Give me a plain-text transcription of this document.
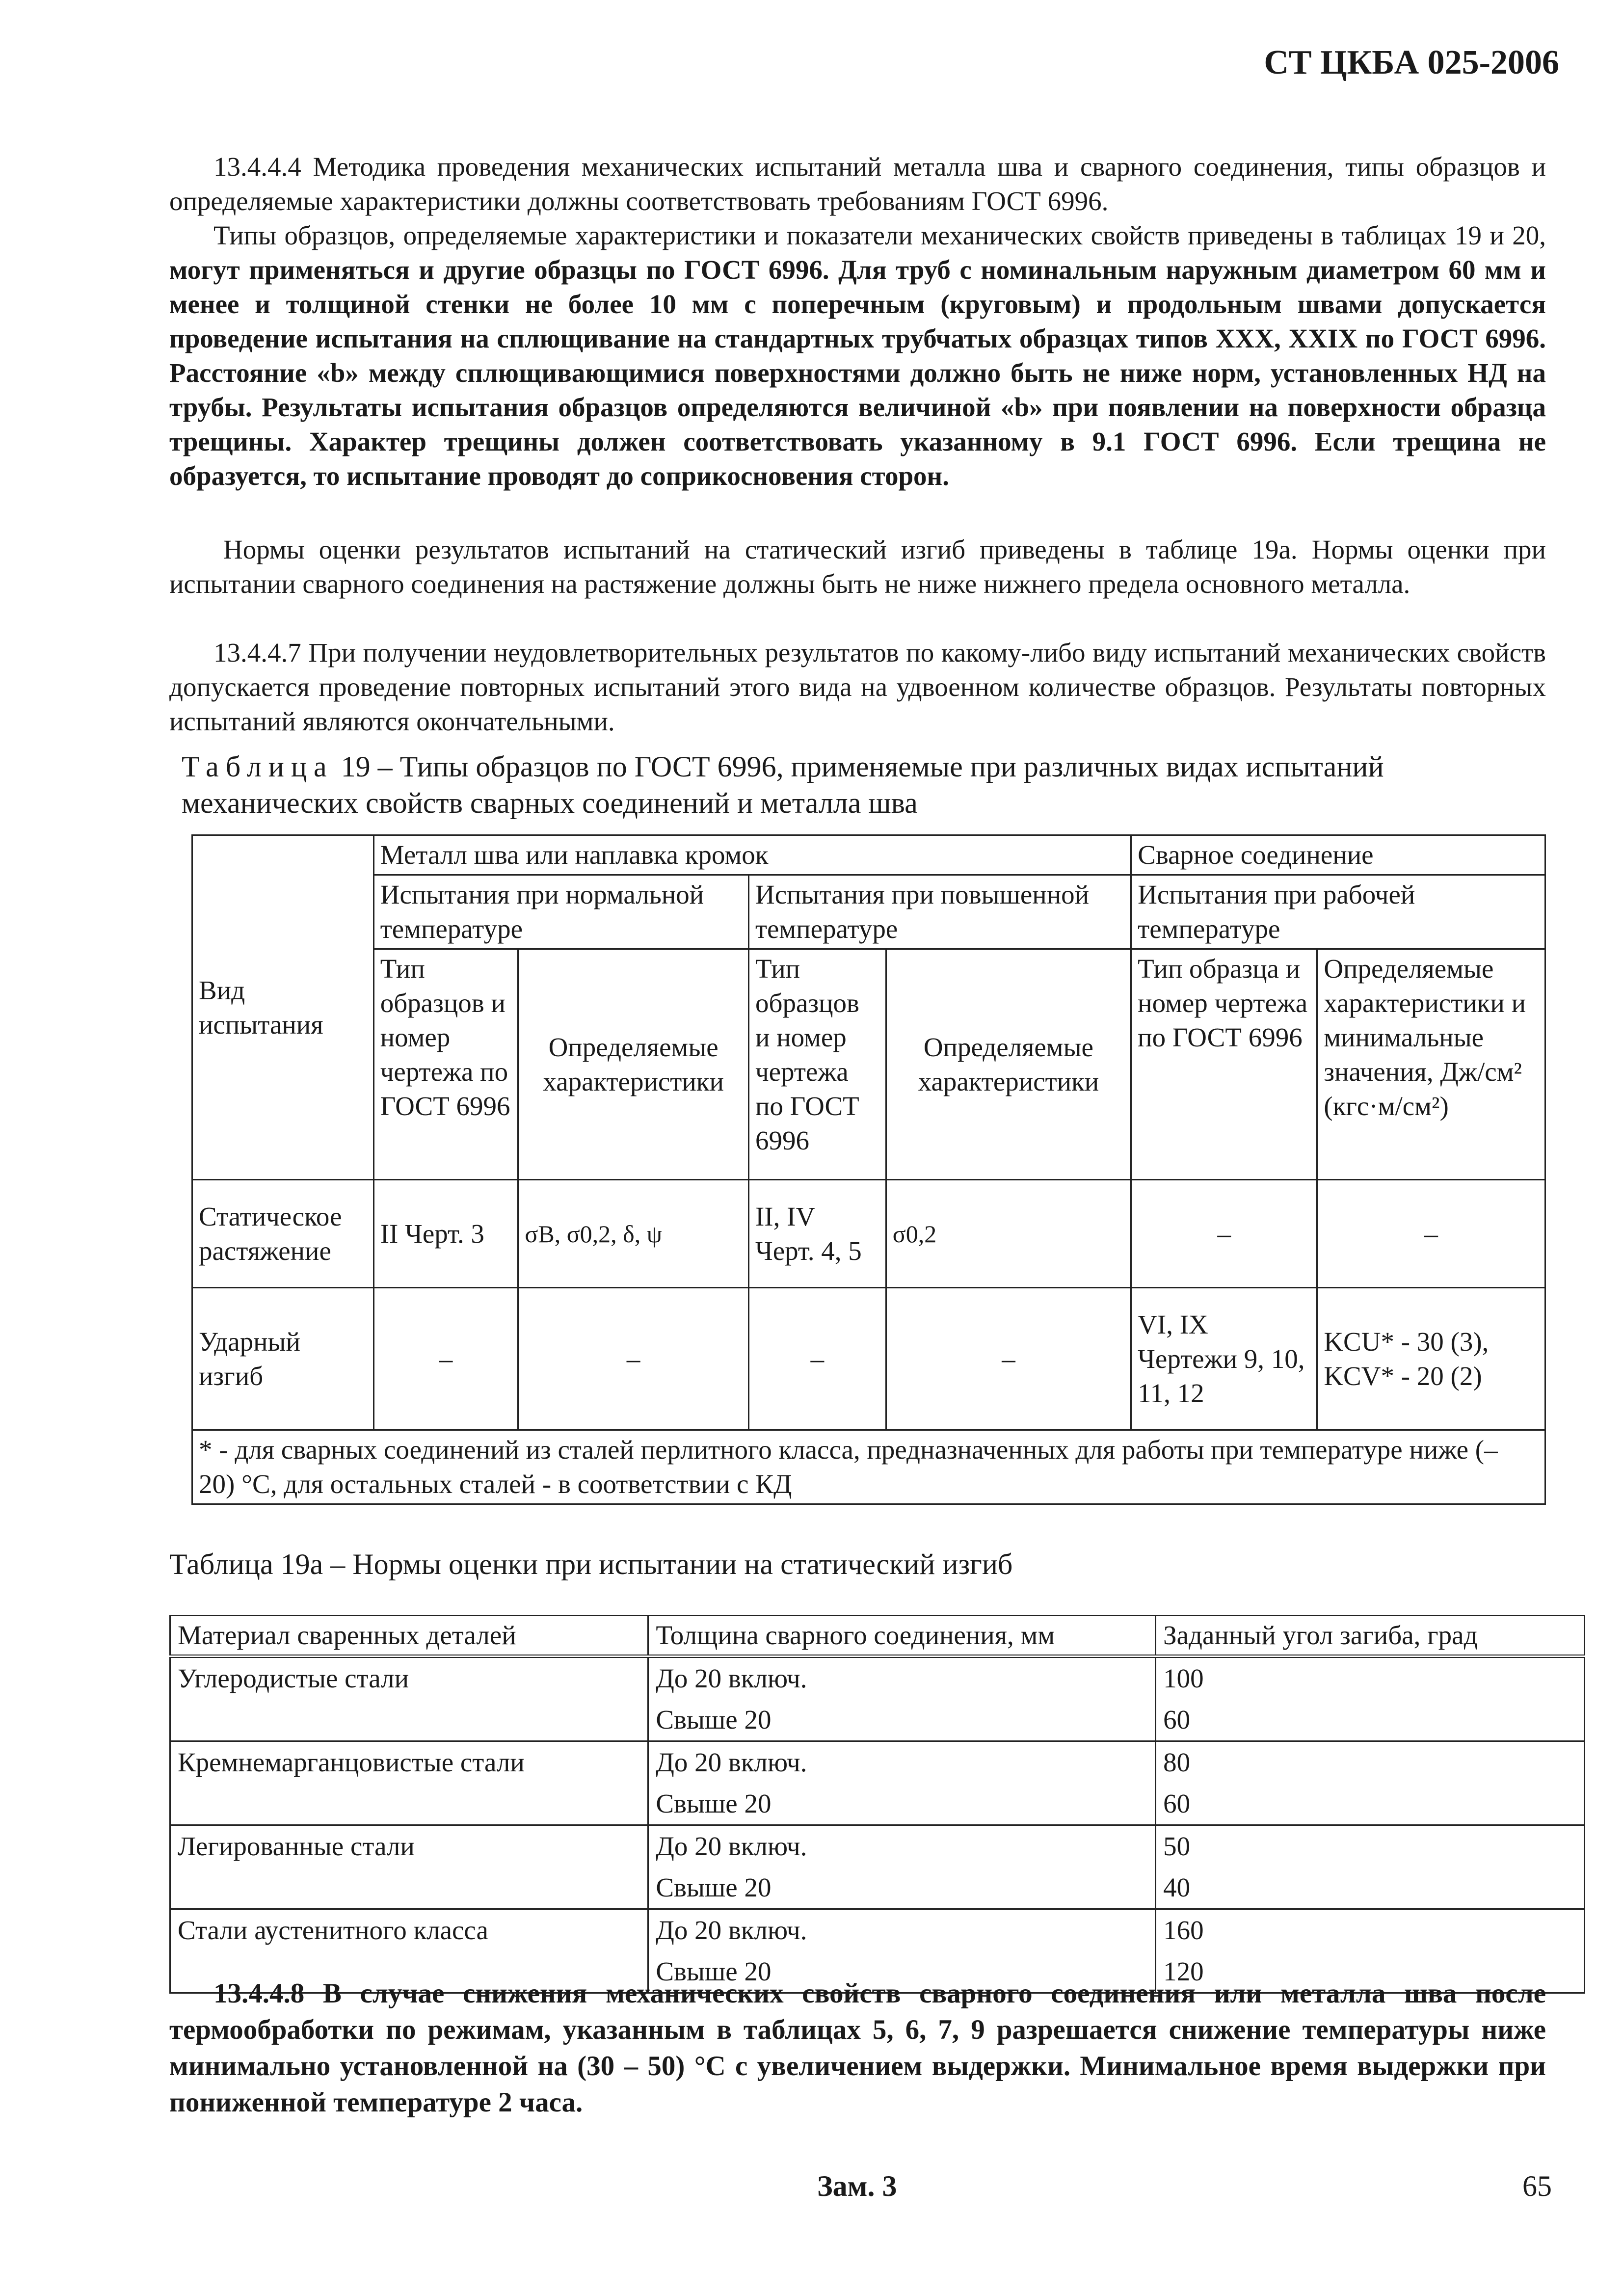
СТ ЦКБА 025-2006
13.4.4.4 Методика проведения механических испытаний металла шва и сварного соединения, типы образцов и определяемые характеристики должны соответствовать требованиям ГОСТ 6996.
Типы образцов, определяемые характеристики и показатели механических свойств приведены в таблицах 19 и 20, могут применяться и другие образцы по ГОСТ 6996. Для труб с номинальным наружным диаметром 60 мм и менее и толщиной стенки не более 10 мм с поперечным (круговым) и продольным швами допускается проведение испытания на сплющивание на стандартных трубчатых образцах типов XXX, XXIX по ГОСТ 6996. Расстояние «b» между сплющивающимися поверхностями должно быть не ниже норм, установленных НД на трубы. Результаты испытания образцов определяются величиной «b» при появлении на поверхности образца трещины. Характер трещины должен соответствовать указанному в 9.1 ГОСТ 6996. Если трещина не образуется, то испытание проводят до соприкосновения сторон.
Нормы оценки результатов испытаний на статический изгиб приведены в таблице 19а. Нормы оценки при испытании сварного соединения на растяжение должны быть не ниже нижнего предела основного металла.
13.4.4.7 При получении неудовлетворительных результатов по какому-либо виду испытаний механических свойств допускается проведение повторных испытаний этого вида на удвоенном количестве образцов. Результаты повторных испытаний являются окончательными.
Таблица 19 – Типы образцов по ГОСТ 6996, применяемые при различных видах испытаний механических свойств сварных соединений и металла шва
Вид испытания	Металл шва или наплавка кромок				Сварное соединение	
	Испытания при нормальной температуре		Испытания при повышенной температуре		Испытания при рабочей температуре	
	Тип образцов и номер чертежа по ГОСТ 6996	Определяемые характеристики	Тип образцов и номер чертежа по ГОСТ 6996	Определяемые характеристики	Тип образца и номер чертежа по ГОСТ 6996	Определяемые характеристики и минимальные значения, Дж/см² (кгс·м/см²)
Статическое растяжение	II Черт. 3	σВ, σ0,2, δ, ψ	II, IV Черт. 4, 5	σ0,2	–	–
Ударный изгиб	–	–	–	–	VI, IX Чертежи 9, 10, 11, 12	KCU* - 30 (3), KCV* - 20 (2)
* - для сварных соединений из сталей перлитного класса, предназначенных для работы при температуре ниже (– 20) °С, для остальных сталей - в соответствии с КД						
Таблица 19а – Нормы оценки при испытании на статический изгиб
Материал сваренных деталей	Толщина сварного соединения, мм	Заданный угол загиба, град
Углеродистые стали	До 20 включ.	100
	Свыше 20	60
Кремнемарганцовистые стали	До 20 включ.	80
	Свыше 20	60
Легированные стали	До 20 включ.	50
	Свыше 20	40
Стали аустенитного класса	До 20 включ.	160
	Свыше 20	120
13.4.4.8 В случае снижения механических свойств сварного соединения или металла шва после термообработки по режимам, указанным в таблицах 5, 6, 7, 9 разрешается снижение температуры ниже минимально установленной на (30 – 50) °С с увеличением выдержки. Минимальное время выдержки при пониженной температуре 2 часа.
Зам. 3	65
